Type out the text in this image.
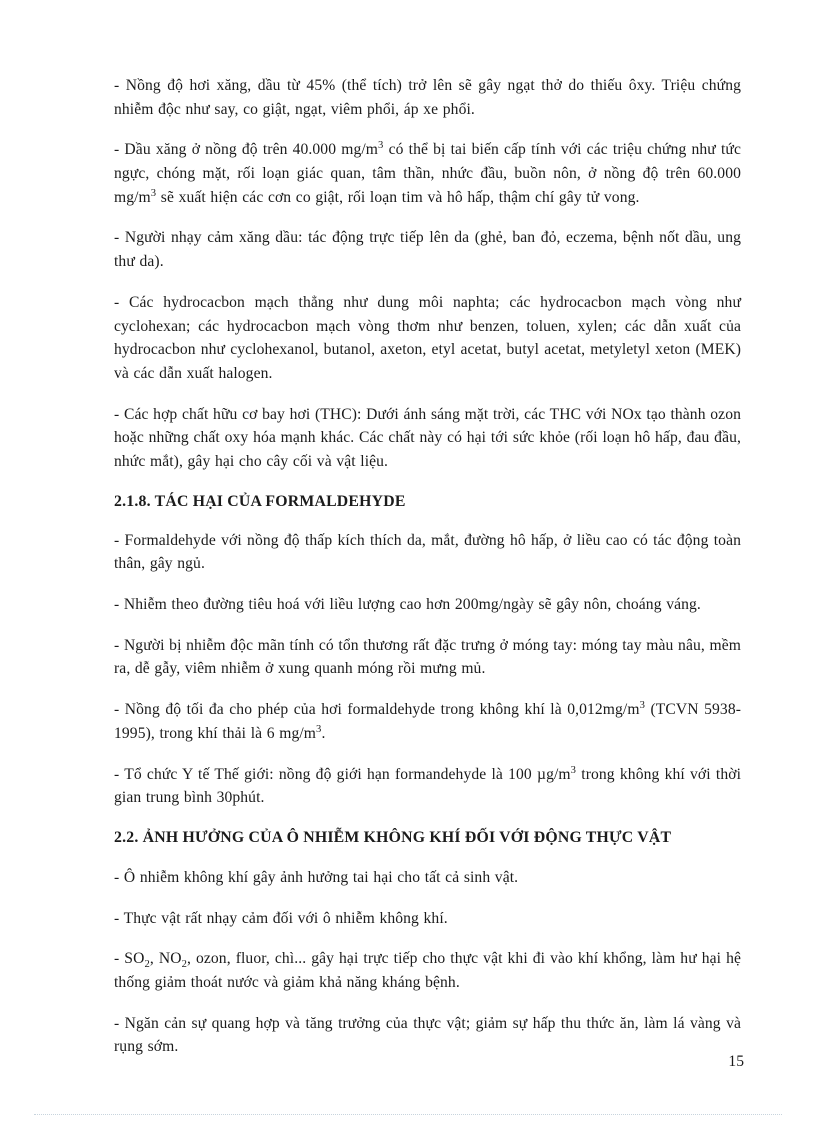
- Nồng độ hơi xăng, dầu từ 45% (thể tích) trở lên sẽ gây ngạt thở do thiếu ôxy. Triệu chứng nhiễm độc như say, co giật, ngạt, viêm phổi, áp xe phổi.

- Dầu xăng ở nồng độ trên 40.000 $mg/m^3$ có thể bị tai biến cấp tính với các triệu chứng như tức ngực, chóng mặt, rối loạn giác quan, tâm thần, nhức đầu, buồn nôn, ở nồng độ trên 60.000 $mg/m^3$ sẽ xuất hiện các cơn co giật, rối loạn tim và hô hấp, thậm chí gây tử vong.

- Người nhạy cảm xăng dầu: tác động trực tiếp lên da (ghẻ, ban đỏ, eczema, bệnh nốt dầu, ung thư da).

- Các hydrocacbon mạch thẳng như dung môi naphta; các hydrocacbon mạch vòng như cyclohexan; các hydrocacbon mạch vòng thơm như benzen, toluen, xylen; các dẫn xuất của hydrocacbon như cyclohexanol, butanol, axeton, etyl acetat, butyl acetat, metyletyl xeton (MEK) và các dẫn xuất halogen.

- Các hợp chất hữu cơ bay hơi (THC): Dưới ánh sáng mặt trời, các THC với NOx tạo thành ozon hoặc những chất oxy hóa mạnh khác. Các chất này có hại tới sức khỏe (rối loạn hô hấp, đau đầu, nhức mắt), gây hại cho cây cối và vật liệu.

2.1.8. TÁC HẠI CỦA FORMALDEHYDE

- Formaldehyde với nồng độ thấp kích thích da, mắt, đường hô hấp, ở liều cao có tác động toàn thân, gây ngủ.

- Nhiễm theo đường tiêu hoá với liều lượng cao hơn 200mg/ngày sẽ gây nôn, choáng váng.

- Người bị nhiễm độc mãn tính có tổn thương rất đặc trưng ở móng tay: móng tay màu nâu, mềm ra, dễ gẫy, viêm nhiễm ở xung quanh móng rồi mưng mủ.

- Nồng độ tối đa cho phép của hơi formaldehyde trong không khí là $0,012mg/m^3$ (TCVN 5938-1995), trong khí thải là 6 $mg/m^3$.

- Tổ chức Y tế Thế giới: nồng độ giới hạn formandehyde là 100 $\mu g/m^3$ trong không khí với thời gian trung bình 30phút.

2.2. ẢNH HƯỞNG CỦA Ô NHIỄM KHÔNG KHÍ ĐỐI VỚI ĐỘNG THỰC VẬT

- Ô nhiễm không khí gây ảnh hưởng tai hại cho tất cả sinh vật.

- Thực vật rất nhạy cảm đối với ô nhiễm không khí.

- $SO_2$, $NO_2$, ozon, fluor, chì... gây hại trực tiếp cho thực vật khi đi vào khí khổng, làm hư hại hệ thống giảm thoát nước và giảm khả năng kháng bệnh.

- Ngăn cản sự quang hợp và tăng trưởng của thực vật; giảm sự hấp thu thức ăn, làm lá vàng và rụng sớm.

15
